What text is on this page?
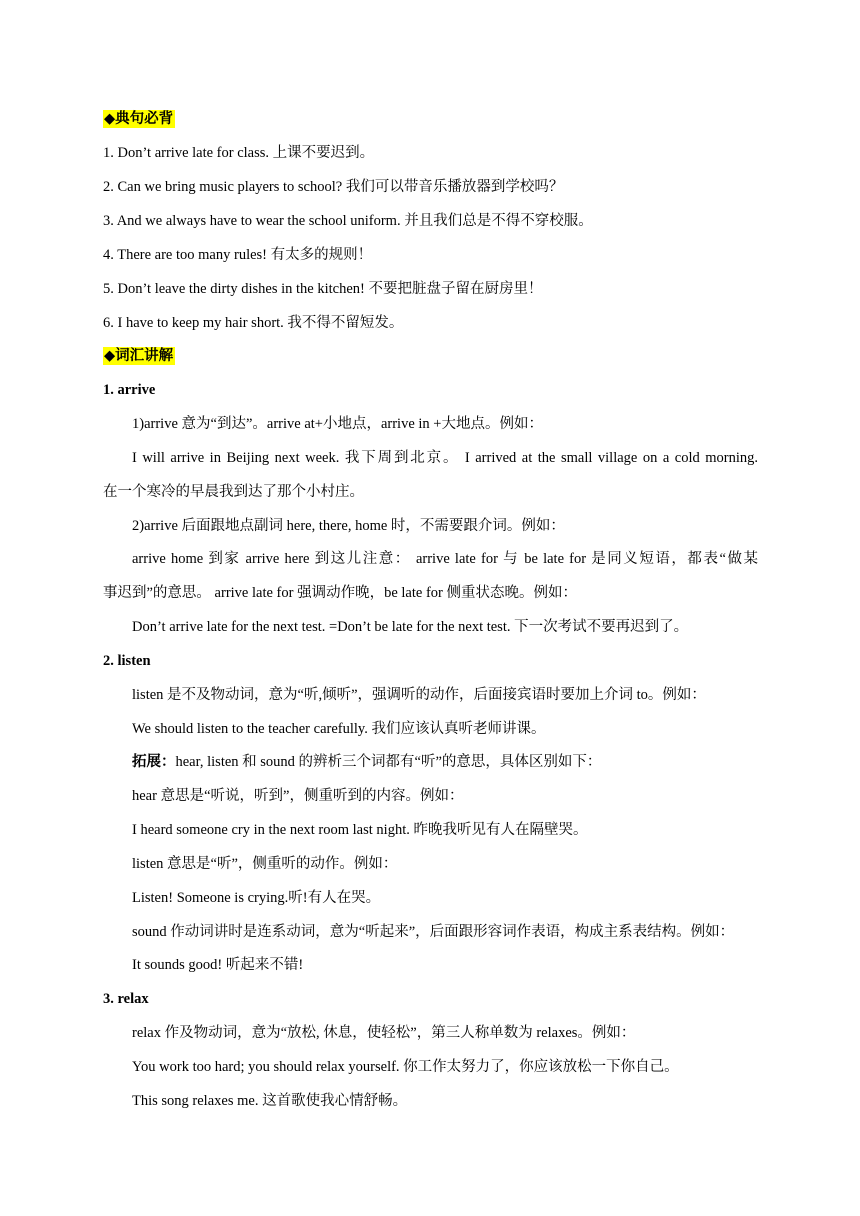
◆典句必背
1. Don’t arrive late for class. 上课不要迟到。
2. Can we bring music players to school? 我们可以带音乐播放器到学校吗？
3. And we always have to wear the school uniform. 并且我们总是不得不穿校服。
4. There are too many rules! 有太多的规则！
5. Don’t leave the dirty dishes in the kitchen! 不要把脏盘子留在厨房里！
6. I have to keep my hair short. 我不得不留短发。
◆词汇讲解
1. arrive
1)arrive 意为“到达”。arrive at+小地点，arrive in +大地点。例如：
I will arrive in Beijing next week. 我下周到北京。 I arrived at the small village on a cold morning.
在一个寒冷的早晨我到达了那个小村庄。
2)arrive 后面跟地点副词 here, there, home 时，不需要跟介词。例如：
arrive home 到家 arrive here 到这儿注意： arrive late for 与 be late for 是同义短语，都表“做某
事迟到”的意思。 arrive late for 强调动作晚，be late for 侧重状态晚。例如：
Don’t arrive late for the next test. =Don’t be late for the next test. 下一次考试不要再迟到了。
2. listen
listen 是不及物动词，意为“听,倾听”，强调听的动作，后面接宾语时要加上介词 to。例如：
We should listen to the teacher carefully. 我们应该认真听老师讲课。
拓展：hear, listen 和 sound 的辨析三个词都有“听”的意思，具体区别如下：
hear 意思是“听说，听到”，侧重听到的内容。例如：
I heard someone cry in the next room last night. 昨晚我听见有人在隔壁哭。
listen 意思是“听”，侧重听的动作。例如：
Listen! Someone is crying.听!有人在哭。
sound 作动词讲时是连系动词，意为“听起来”，后面跟形容词作表语，构成主系表结构。例如：
It sounds good! 听起来不错!
3. relax
relax 作及物动词，意为“放松, 休息，使轻松”，第三人称单数为 relaxes。例如：
You work too hard; you should relax yourself. 你工作太努力了，你应该放松一下你自己。
This song relaxes me. 这首歌使我心情舒畅。
